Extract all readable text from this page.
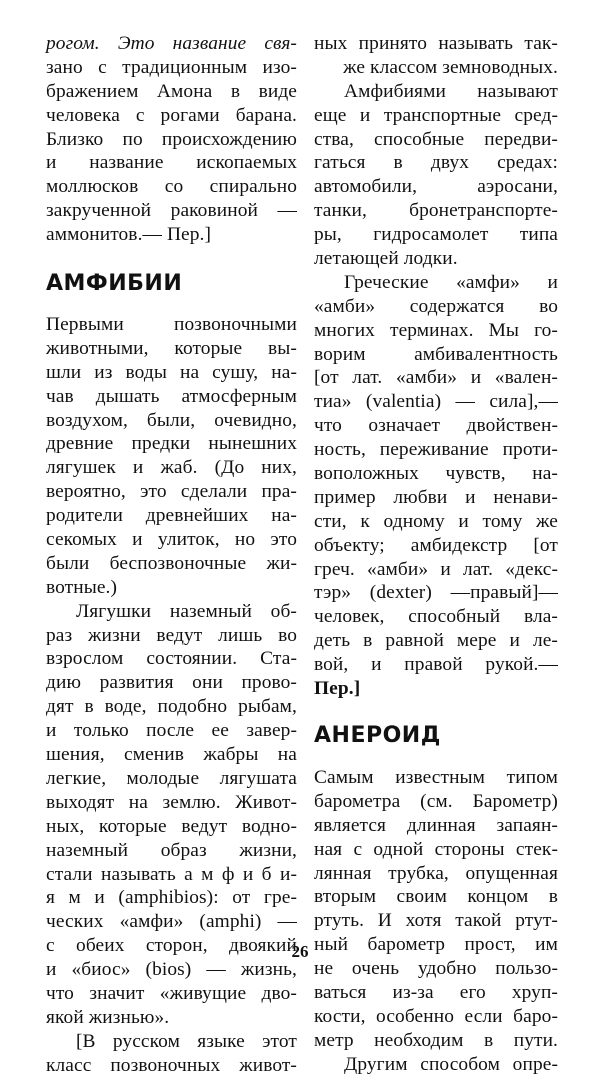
рогом. Это название свя-
зано с традиционным изо-
бражением Амона в виде
человека с рогами барана.
Близко по происхождению
и название ископаемых
моллюсков со спирально
закрученной раковиной —
аммонитов.— Пер.]
АМФИБИИ
Первыми позвоночными
животными, которые вы-
шли из воды на сушу, на-
чав дышать атмосферным
воздухом, были, очевидно,
древние предки нынешних
лягушек и жаб. (До них,
вероятно, это сделали пра-
родители древнейших на-
секомых и улиток, но это
были беспозвоночные жи-
вотные.)
Лягушки наземный об-
раз жизни ведут лишь во
взрослом состоянии. Ста-
дию развития они прово-
дят в воде, подобно рыбам,
и только после ее завер-
шения, сменив жабры на
легкие, молодые лягушата
выходят на землю. Живот-
ных, которые ведут водно-
наземный образ жизни,
стали называть а м ф и б и-
я м и (amphibios): от гре-
ческих «амфи» (amphi) —
с обеих сторон, двоякий
и «биос» (bios) — жизнь,
что значит «живущие дво-
якой жизнью».
[В русском языке этот
класс позвоночных живот-
ных принято называть так-
же классом земноводных.
Амфибиями называют
еще и транспортные сред-
ства, способные передви-
гаться в двух средах:
автомобили, аэросани,
танки, бронетранспорте-
ры, гидросамолет типа
летающей лодки.
Греческие «амфи» и
«амби» содержатся во
многих терминах. Мы го-
ворим амбивалентность
[от лат. «амби» и «вален-
тиа» (valentia) — сила],—
что означает двойствен-
ность, переживание проти-
воположных чувств, на-
пример любви и ненави-
сти, к одному и тому же
объекту; амбидекстр [от
греч. «амби» и лат. «декс-
тэр» (dexter) —правый]—
человек, способный вла-
деть в равной мере и ле-
вой, и правой рукой.—
Пер.]
АНЕРОИД
Самым известным типом
барометра (см. Барометр)
является длинная запаян-
ная с одной стороны стек-
лянная трубка, опущенная
вторым своим концом в
ртуть. И хотя такой ртут-
ный барометр прост, им
не очень удобно пользо-
ваться из-за его хруп-
кости, особенно если баро-
метр необходим в пути.
Другим способом опре-
26
